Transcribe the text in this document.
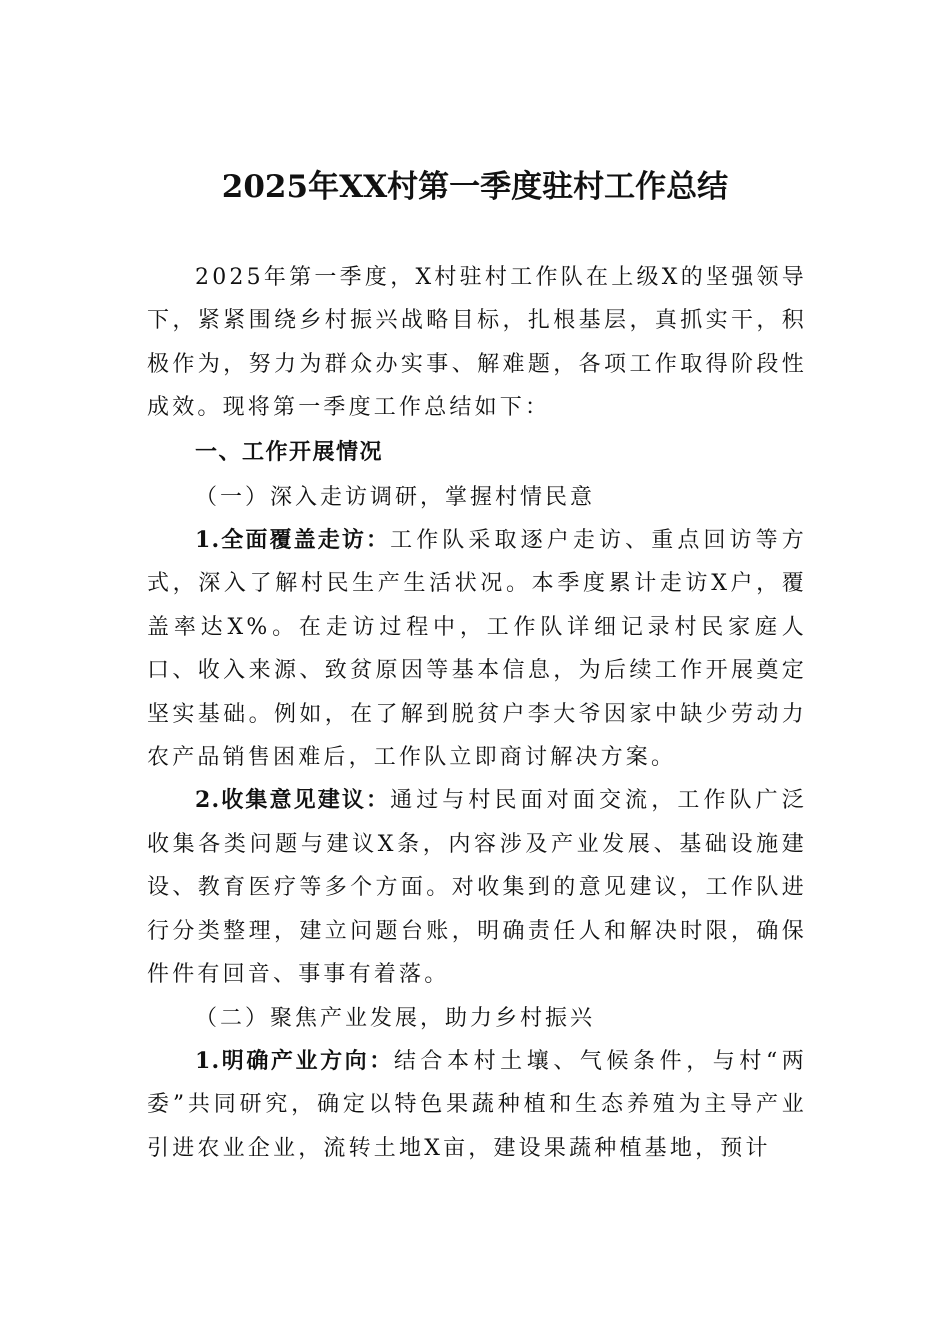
2025年XX村第一季度驻村工作总结

2025年第一季度，X村驻村工作队在上级X的坚强领导下，紧紧围绕乡村振兴战略目标，扎根基层，真抓实干，积极作为，努力为群众办实事、解难题，各项工作取得阶段性成效。现将第一季度工作总结如下：

一、工作开展情况

（一）深入走访调研，掌握村情民意

1.全面覆盖走访：工作队采取逐户走访、重点回访等方式，深入了解村民生产生活状况。本季度累计走访X户，覆盖率达X%。在走访过程中，工作队详细记录村民家庭人口、收入来源、致贫原因等基本信息，为后续工作开展奠定坚实基础。例如，在了解到脱贫户李大爷因家中缺少劳动力农产品销售困难后，工作队立即商讨解决方案。

2.收集意见建议：通过与村民面对面交流，工作队广泛收集各类问题与建议X条，内容涉及产业发展、基础设施建设、教育医疗等多个方面。对收集到的意见建议，工作队进行分类整理，建立问题台账，明确责任人和解决时限，确保件件有回音、事事有着落。

（二）聚焦产业发展，助力乡村振兴

1.明确产业方向：结合本村土壤、气候条件，与村“两委”共同研究，确定以特色果蔬种植和生态养殖为主导产业引进农业企业，流转土地X亩，建设果蔬种植基地，预计
